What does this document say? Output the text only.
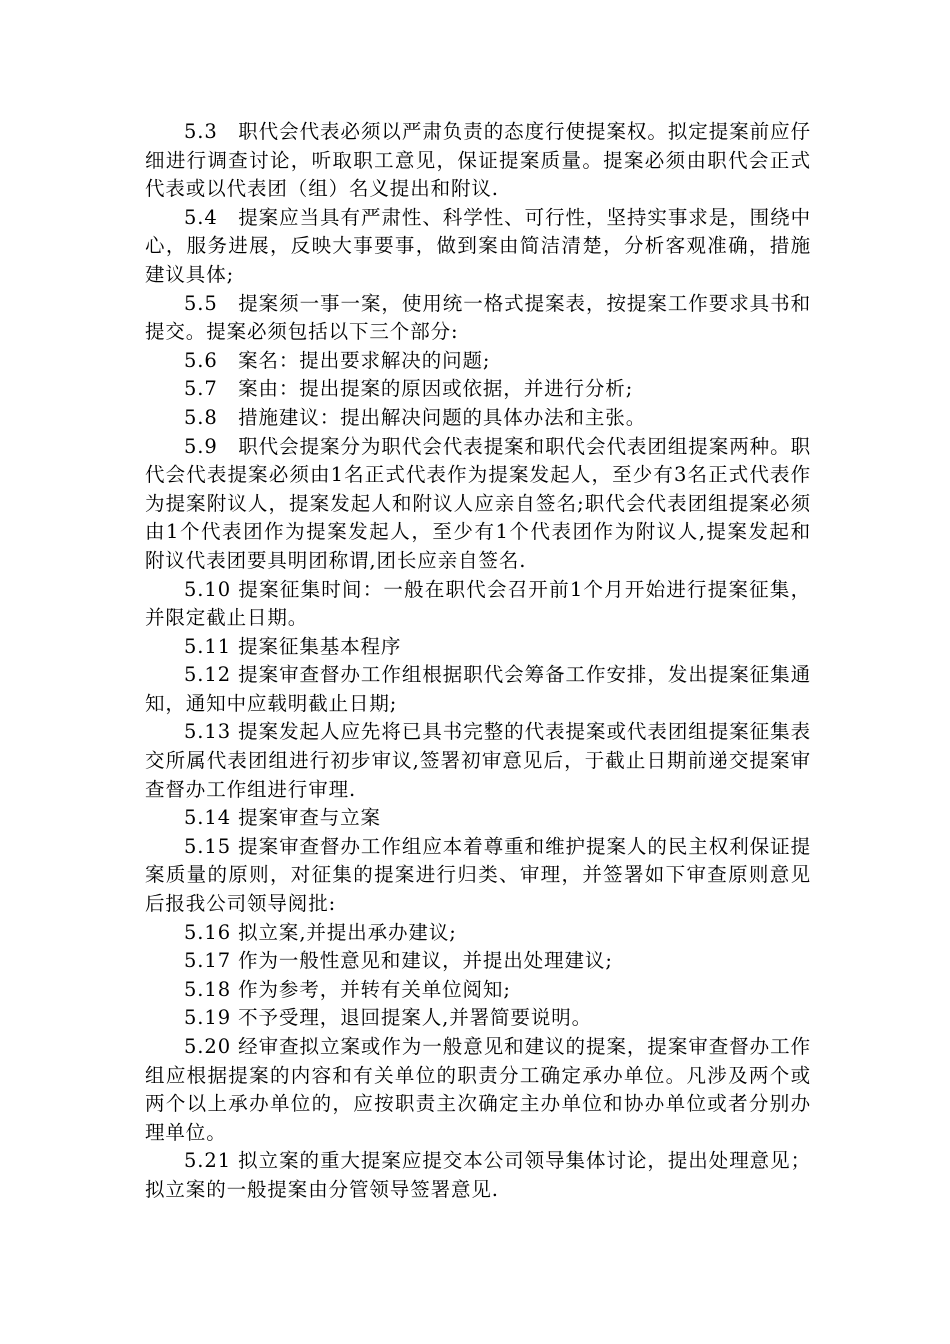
5.3　职代会代表必须以严肃负责的态度行使提案权。拟定提案前应仔细进行调查讨论，听取职工意见，保证提案质量。提案必须由职代会正式代表或以代表团（组）名义提出和附议.

5.4　提案应当具有严肃性、科学性、可行性，坚持实事求是，围绕中心，服务进展，反映大事要事，做到案由简洁清楚，分析客观准确，措施建议具体;

5.5　提案须一事一案，使用统一格式提案表，按提案工作要求具书和提交。提案必须包括以下三个部分:

5.6　案名：提出要求解决的问题;

5.7　案由：提出提案的原因或依据，并进行分析;

5.8　措施建议：提出解决问题的具体办法和主张。

5.9　职代会提案分为职代会代表提案和职代会代表团组提案两种。职代会代表提案必须由1名正式代表作为提案发起人，至少有3名正式代表作为提案附议人，提案发起人和附议人应亲自签名;职代会代表团组提案必须由1个代表团作为提案发起人，至少有1个代表团作为附议人,提案发起和附议代表团要具明团称谓,团长应亲自签名.

5.10 提案征集时间：一般在职代会召开前1个月开始进行提案征集，并限定截止日期。

5.11 提案征集基本程序

5.12 提案审查督办工作组根据职代会筹备工作安排，发出提案征集通知，通知中应载明截止日期;

5.13 提案发起人应先将已具书完整的代表提案或代表团组提案征集表交所属代表团组进行初步审议,签署初审意见后，于截止日期前递交提案审查督办工作组进行审理.

5.14 提案审查与立案

5.15 提案审查督办工作组应本着尊重和维护提案人的民主权利保证提案质量的原则，对征集的提案进行归类、审理，并签署如下审查原则意见后报我公司领导阅批:

5.16 拟立案,并提出承办建议;

5.17 作为一般性意见和建议，并提出处理建议;

5.18 作为参考，并转有关单位阅知;

5.19 不予受理，退回提案人,并署简要说明。

5.20 经审查拟立案或作为一般意见和建议的提案，提案审查督办工作组应根据提案的内容和有关单位的职责分工确定承办单位。凡涉及两个或两个以上承办单位的，应按职责主次确定主办单位和协办单位或者分别办理单位。

5.21 拟立案的重大提案应提交本公司领导集体讨论，提出处理意见；拟立案的一般提案由分管领导签署意见.
